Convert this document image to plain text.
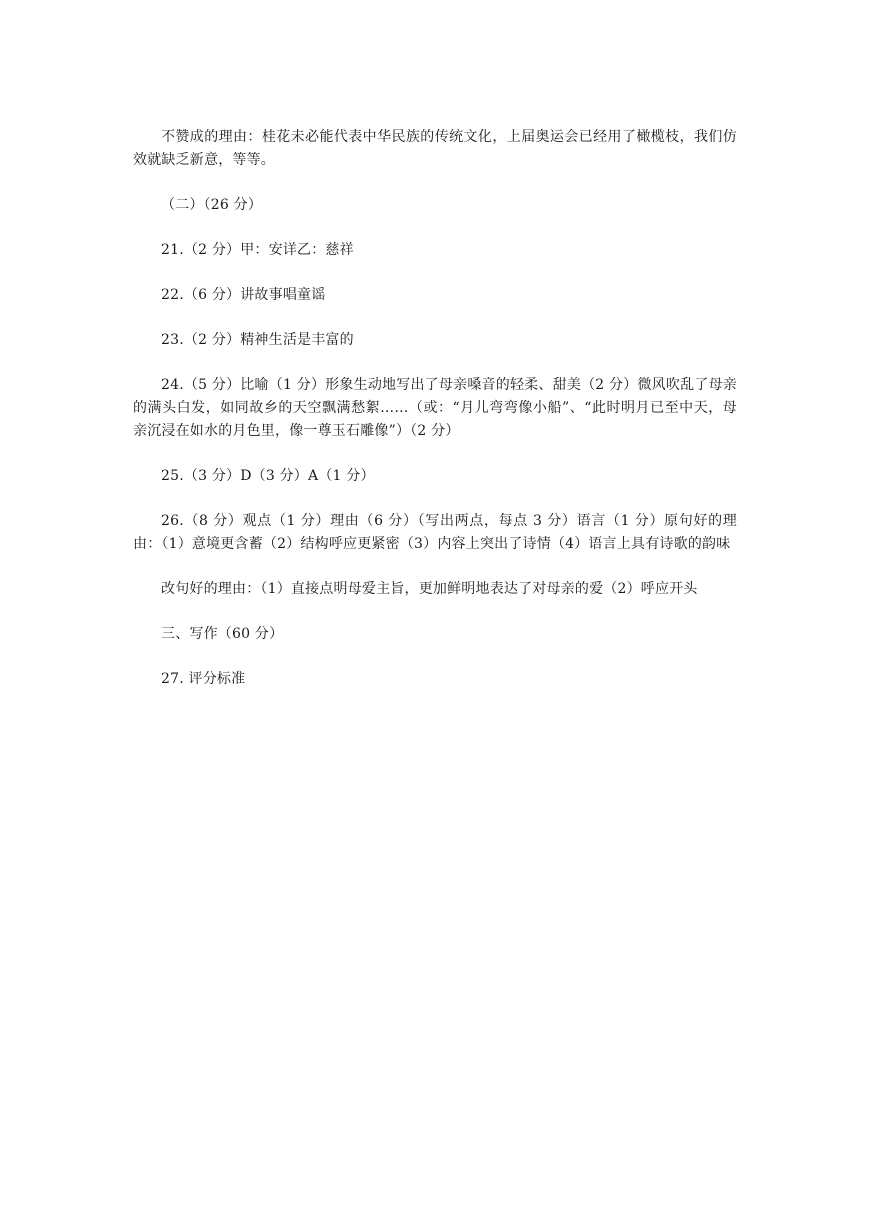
不赞成的理由：桂花未必能代表中华民族的传统文化，上届奥运会已经用了橄榄枝，我们仿效就缺乏新意，等等。

（二）（26 分）

21.（2 分）甲：安详乙：慈祥

22.（6 分）讲故事唱童谣

23.（2 分）精神生活是丰富的

24.（5 分）比喻（1 分）形象生动地写出了母亲嗓音的轻柔、甜美（2 分）微风吹乱了母亲的满头白发，如同故乡的天空飘满愁絮……（或：“月儿弯弯像小船”、“此时明月已至中天，母亲沉浸在如水的月色里，像一尊玉石雕像”）（2 分）

25.（3 分）D（3 分）A（1 分）

26.（8 分）观点（1 分）理由（6 分）（写出两点，每点 3 分）语言（1 分）原句好的理由：（1）意境更含蓄（2）结构呼应更紧密（3）内容上突出了诗情（4）语言上具有诗歌的韵味

改句好的理由：（1）直接点明母爱主旨，更加鲜明地表达了对母亲的爱（2）呼应开头

三、写作（60 分）

27. 评分标准
